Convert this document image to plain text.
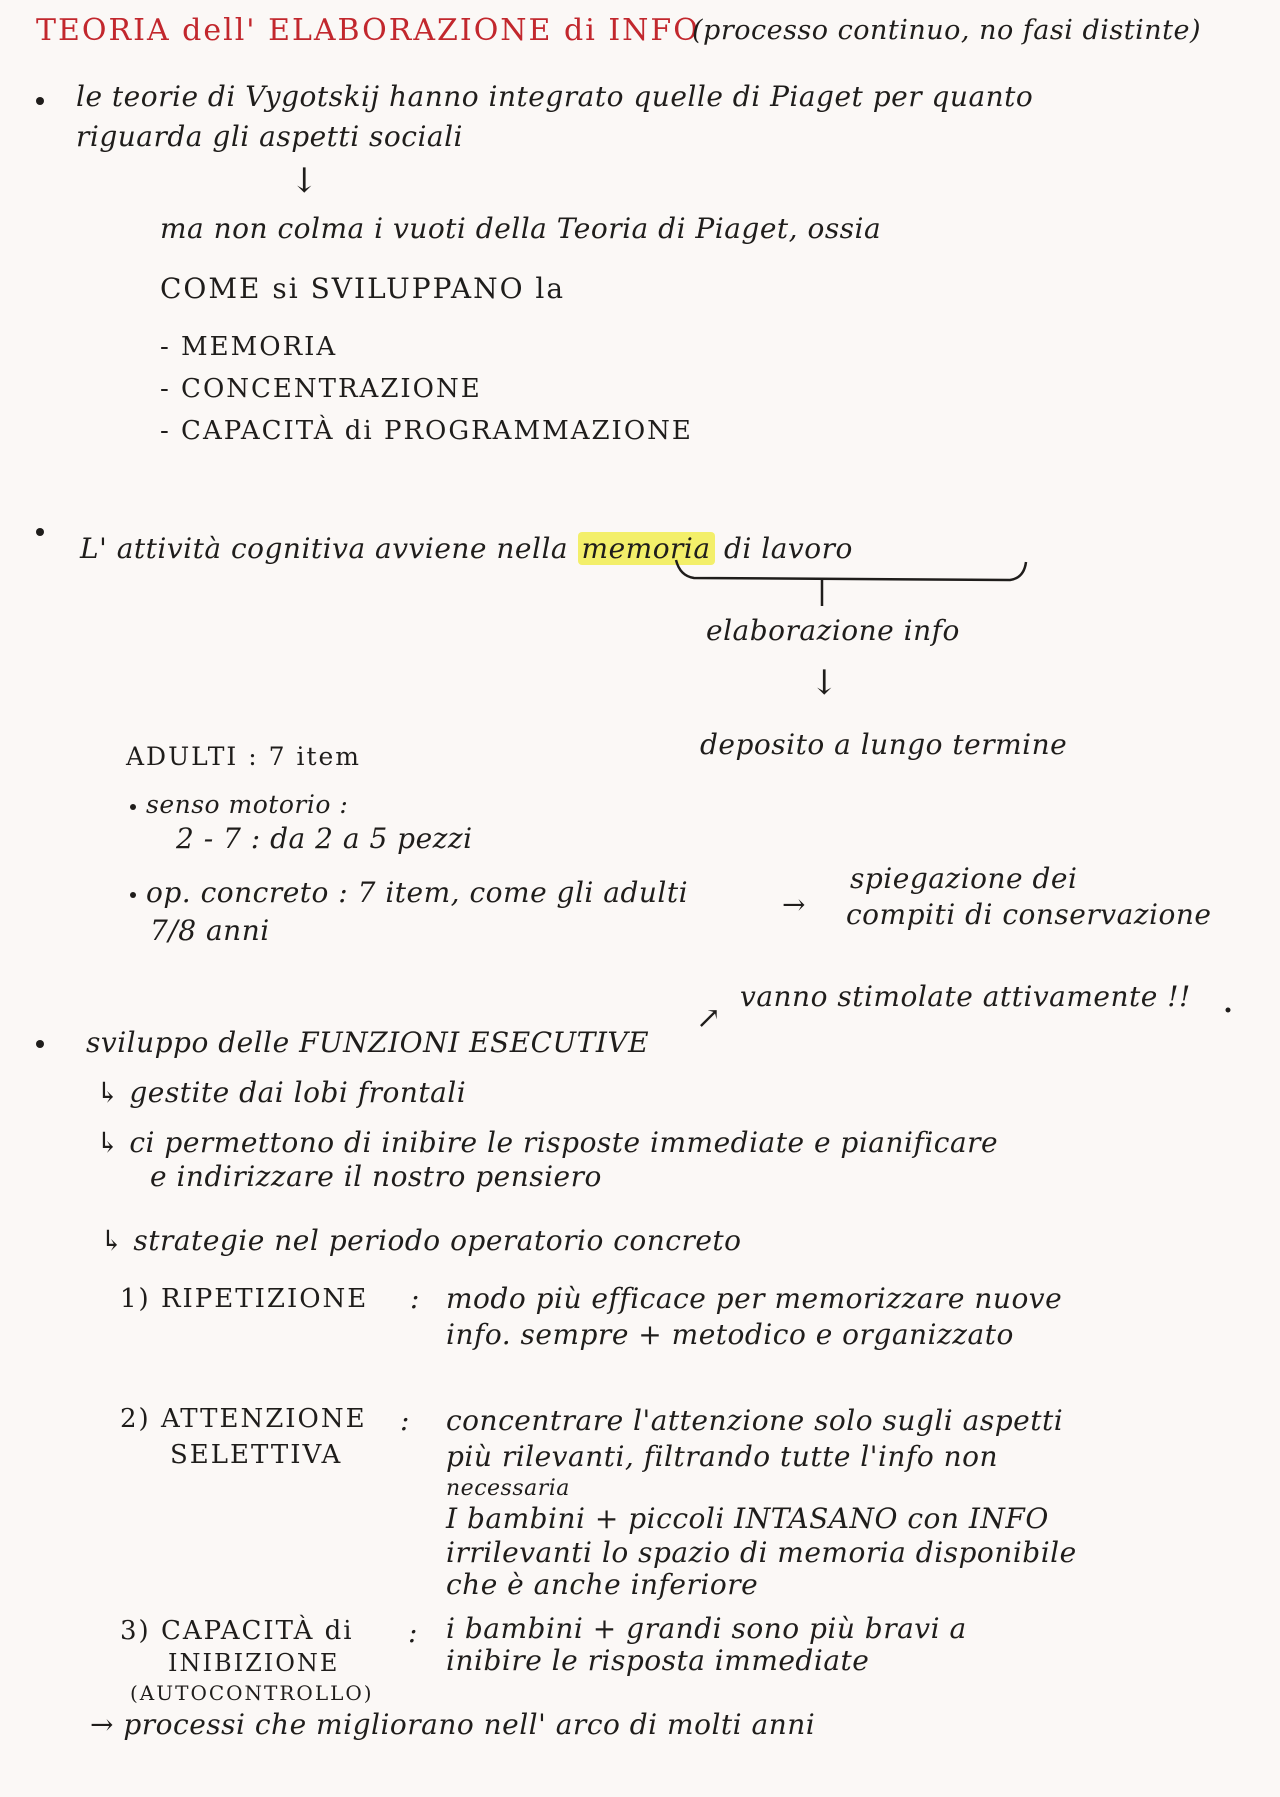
TEORIA dell' ELABORAZIONE di INFO
(processo continuo, no fasi distinte)
le teorie di Vygotskij hanno integrato quelle di Piaget per quanto
riguarda gli aspetti sociali
↓
ma non colma i vuoti della Teoria di Piaget, ossia
COME si SVILUPPANO la
- MEMORIA
- CONCENTRAZIONE
- CAPACITÀ di PROGRAMMAZIONE
L' attività cognitiva avviene nella memoria di lavoro
elaborazione info
↓
deposito a lungo termine
ADULTI : 7 item
senso motorio :
2 - 7 : da 2 a 5 pezzi
op. concreto : 7 item, come gli adulti
7/8 anni
→
spiegazione dei
compiti di conservazione
vanno stimolate attivamente !!
↗
sviluppo delle FUNZIONI ESECUTIVE
↳ gestite dai lobi frontali
↳ ci permettono di inibire le risposte immediate e pianificare
e indirizzare il nostro pensiero
↳ strategie nel periodo operatorio concreto
1) RIPETIZIONE : modo più efficace per memorizzare nuove
info. sempre + metodico e organizzato
2) ATTENZIONE
SELETTIVA
: concentrare l'attenzione solo sugli aspetti
più rilevanti, filtrando tutte l'info non
necessaria
I bambini + piccoli INTASANO con INFO
irrilevanti lo spazio di memoria disponibile
che è anche inferiore
3) CAPACITÀ di
INIBIZIONE
(AUTOCONTROLLO)
: i bambini + grandi sono più bravi a
inibire le risposta immediate
→ processi che migliorano nell' arco di molti anni
